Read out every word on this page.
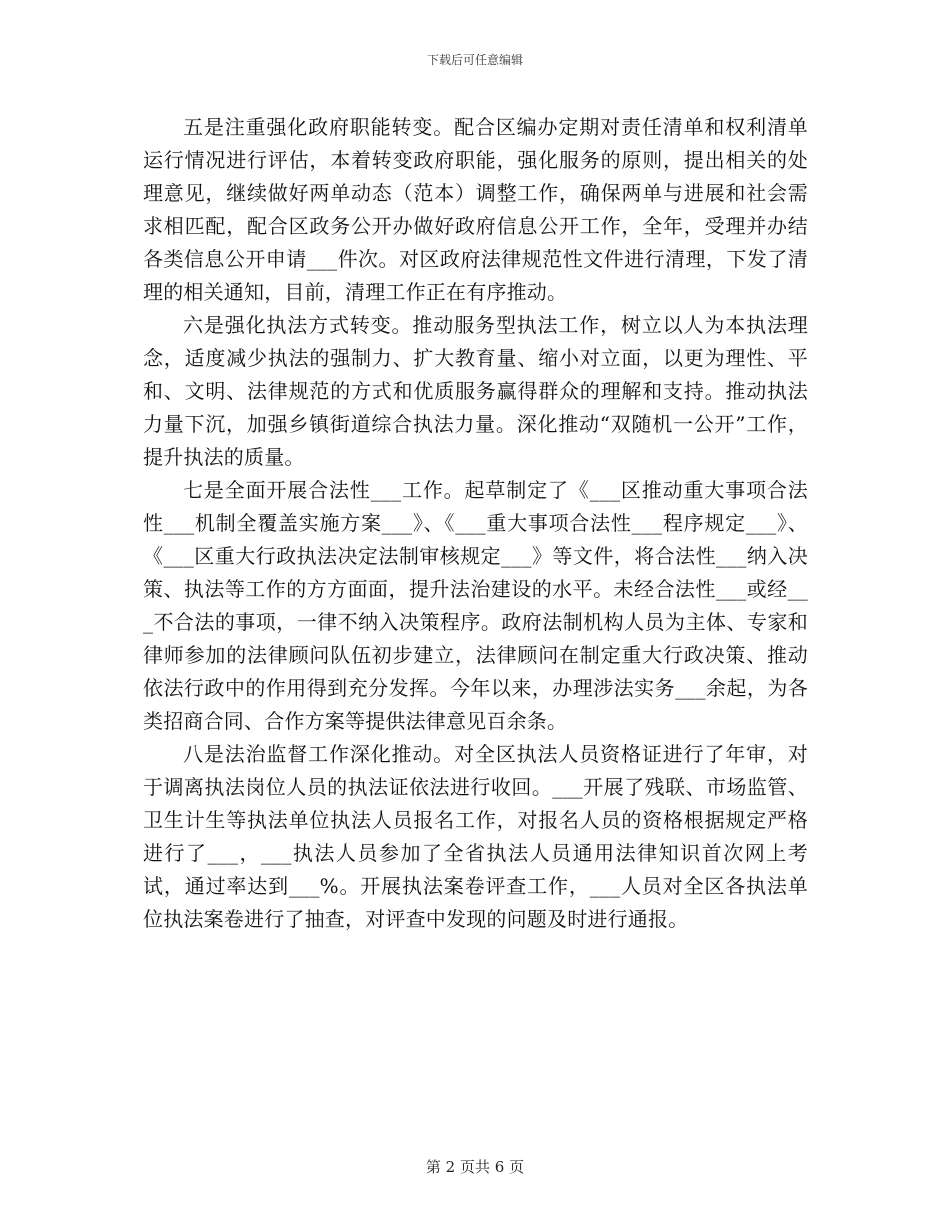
下载后可任意编辑

五是注重强化政府职能转变。配合区编办定期对责任清单和权利清单运行情况进行评估，本着转变政府职能，强化服务的原则，提出相关的处理意见，继续做好两单动态（范本）调整工作，确保两单与进展和社会需求相匹配，配合区政务公开办做好政府信息公开工作，全年，受理并办结各类信息公开申请___件次。对区政府法律规范性文件进行清理，下发了清理的相关通知，目前，清理工作正在有序推动。

六是强化执法方式转变。推动服务型执法工作，树立以人为本执法理念，适度减少执法的强制力、扩大教育量、缩小对立面，以更为理性、平和、文明、法律规范的方式和优质服务赢得群众的理解和支持。推动执法力量下沉，加强乡镇街道综合执法力量。深化推动“双随机一公开”工作，提升执法的质量。

七是全面开展合法性___工作。起草制定了《___区推动重大事项合法性___机制全覆盖实施方案___》、《___重大事项合法性___程序规定___》、《___区重大行政执法决定法制审核规定___》等文件，将合法性___纳入决策、执法等工作的方方面面，提升法治建设的水平。未经合法性___或经___不合法的事项，一律不纳入决策程序。政府法制机构人员为主体、专家和律师参加的法律顾问队伍初步建立，法律顾问在制定重大行政决策、推动依法行政中的作用得到充分发挥。今年以来，办理涉法实务___余起，为各类招商合同、合作方案等提供法律意见百余条。

八是法治监督工作深化推动。对全区执法人员资格证进行了年审，对于调离执法岗位人员的执法证依法进行收回。___开展了残联、市场监管、卫生计生等执法单位执法人员报名工作，对报名人员的资格根据规定严格进行了___，___执法人员参加了全省执法人员通用法律知识首次网上考试，通过率达到___%。开展执法案卷评查工作，___人员对全区各执法单位执法案卷进行了抽查，对评查中发现的问题及时进行通报。

第 2 页共 6 页
